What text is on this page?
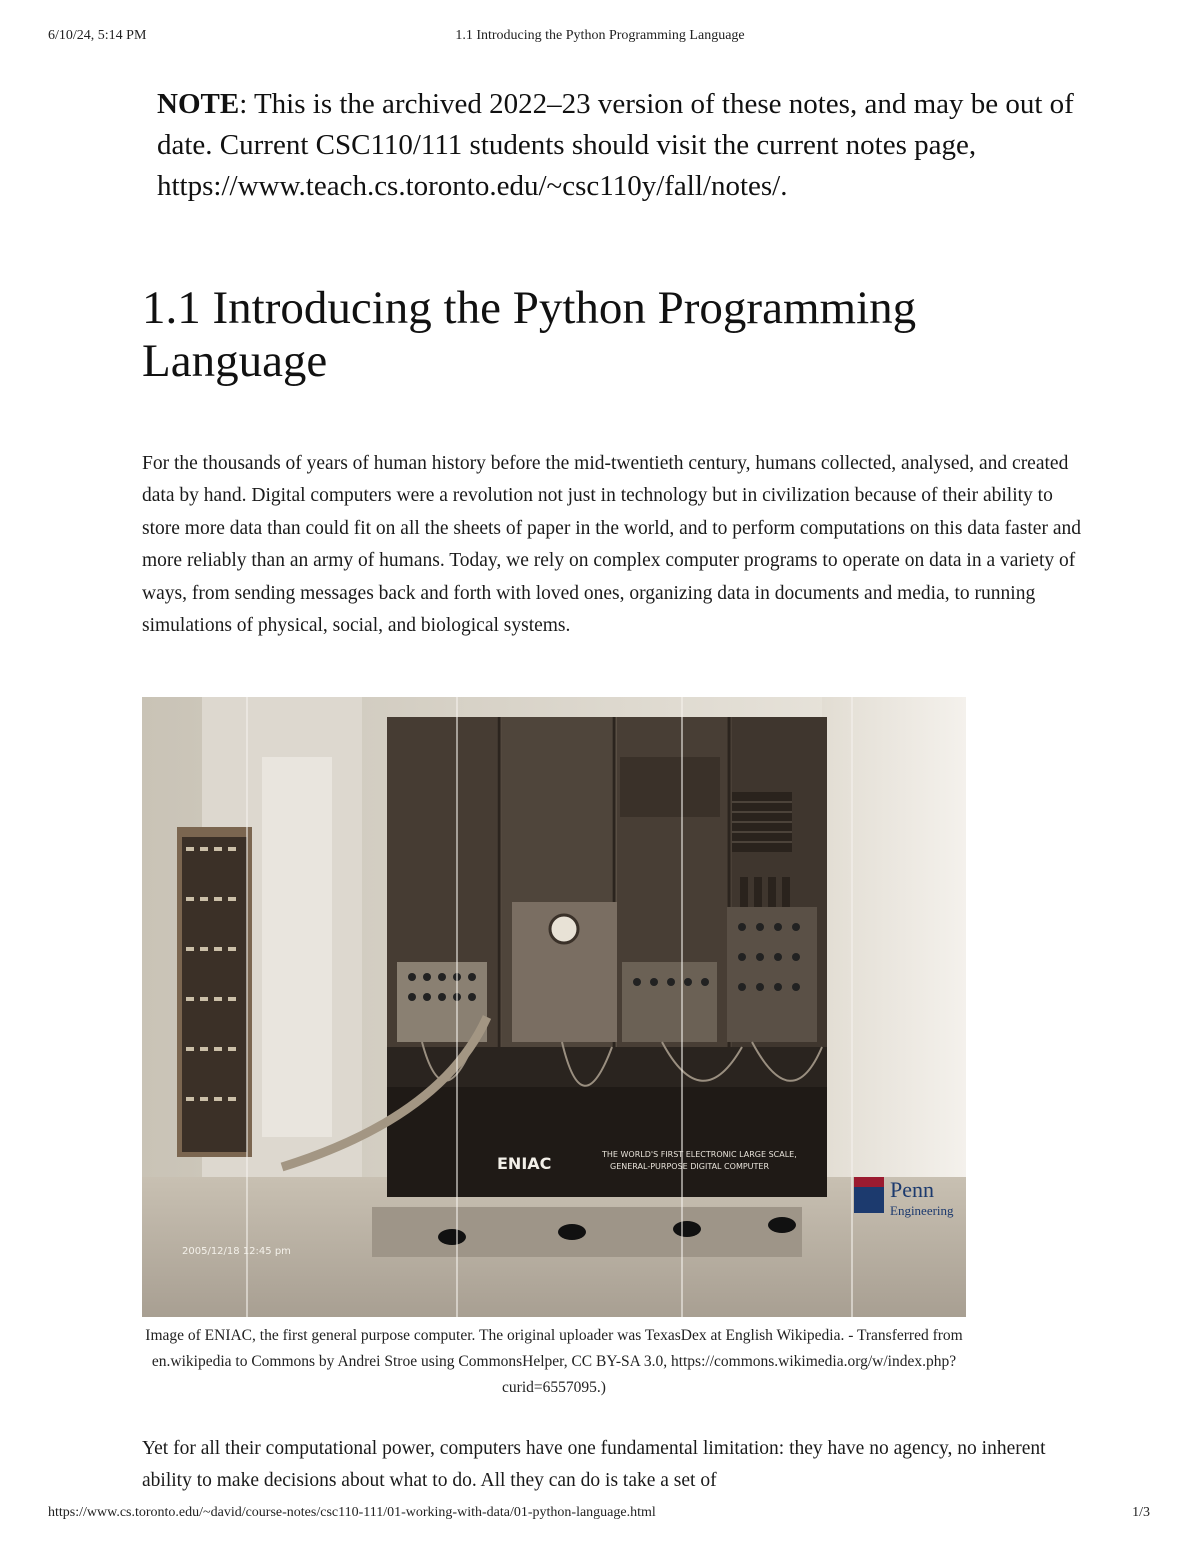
6/10/24, 5:14 PM	1.1 Introducing the Python Programming Language
NOTE: This is the archived 2022–23 version of these notes, and may be out of date. Current CSC110/111 students should visit the current notes page, https://www.teach.cs.toronto.edu/~csc110y/fall/notes/.
1.1 Introducing the Python Programming Language

For the thousands of years of human history before the mid-twentieth century, humans collected, analysed, and created data by hand. Digital computers were a revolution not just in technology but in civilization because of their ability to store more data than could fit on all the sheets of paper in the world, and to perform computations on this data faster and more reliably than an army of humans. Today, we rely on complex computer programs to operate on data in a variety of ways, from sending messages back and forth with loved ones, organizing data in documents and media, to running simulations of physical, social, and biological systems.

ENIAC	THE WORLD'S FIRST ELECTRONIC LARGE SCALE,
GENERAL-PURPOSE DIGITAL COMPUTER
Penn
Engineering
2005/12/18 12:45 pm
Image of ENIAC, the first general purpose computer. The original uploader was TexasDex at English Wikipedia. - Transferred from en.wikipedia to Commons by Andrei Stroe using CommonsHelper, CC BY-SA 3.0, https://commons.wikimedia.org/w/index.php?curid=6557095.)

Yet for all their computational power, computers have one fundamental limitation: they have no agency, no inherent ability to make decisions about what to do. All they can do is take a set of

https://www.cs.toronto.edu/~david/course-notes/csc110-111/01-working-with-data/01-python-language.html	1/3
